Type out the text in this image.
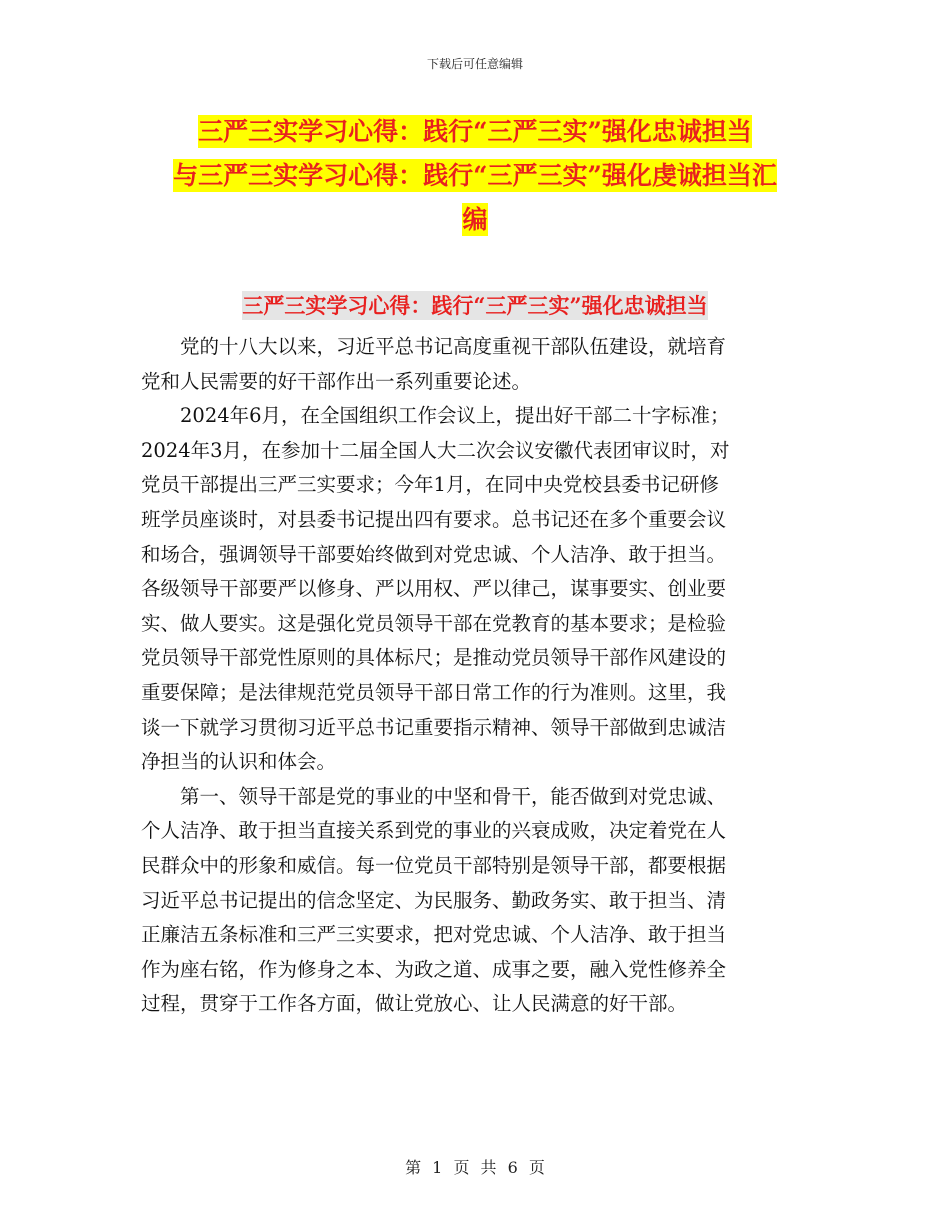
下载后可任意编辑
三严三实学习心得：践行“三严三实”强化忠诚担当
与三严三实学习心得：践行“三严三实”强化虔诚担当汇
编
三严三实学习心得：践行“三严三实”强化忠诚担当

党的十八大以来，习近平总书记高度重视干部队伍建设，就培育
党和人民需要的好干部作出一系列重要论述。

2024年6月，在全国组织工作会议上，提出好干部二十字标准；
2024年3月，在参加十二届全国人大二次会议安徽代表团审议时，对
党员干部提出三严三实要求；今年1月，在同中央党校县委书记研修
班学员座谈时，对县委书记提出四有要求。总书记还在多个重要会议
和场合，强调领导干部要始终做到对党忠诚、个人洁净、敢于担当。
各级领导干部要严以修身、严以用权、严以律己，谋事要实、创业要
实、做人要实。这是强化党员领导干部在党教育的基本要求；是检验
党员领导干部党性原则的具体标尺；是推动党员领导干部作风建设的
重要保障；是法律规范党员领导干部日常工作的行为准则。这里，我
谈一下就学习贯彻习近平总书记重要指示精神、领导干部做到忠诚洁
净担当的认识和体会。

第一、领导干部是党的事业的中坚和骨干，能否做到对党忠诚、
个人洁净、敢于担当直接关系到党的事业的兴衰成败，决定着党在人
民群众中的形象和威信。每一位党员干部特别是领导干部，都要根据
习近平总书记提出的信念坚定、为民服务、勤政务实、敢于担当、清
正廉洁五条标准和三严三实要求，把对党忠诚、个人洁净、敢于担当
作为座右铭，作为修身之本、为政之道、成事之要，融入党性修养全
过程，贯穿于工作各方面，做让党放心、让人民满意的好干部。

第 1 页 共 6 页
